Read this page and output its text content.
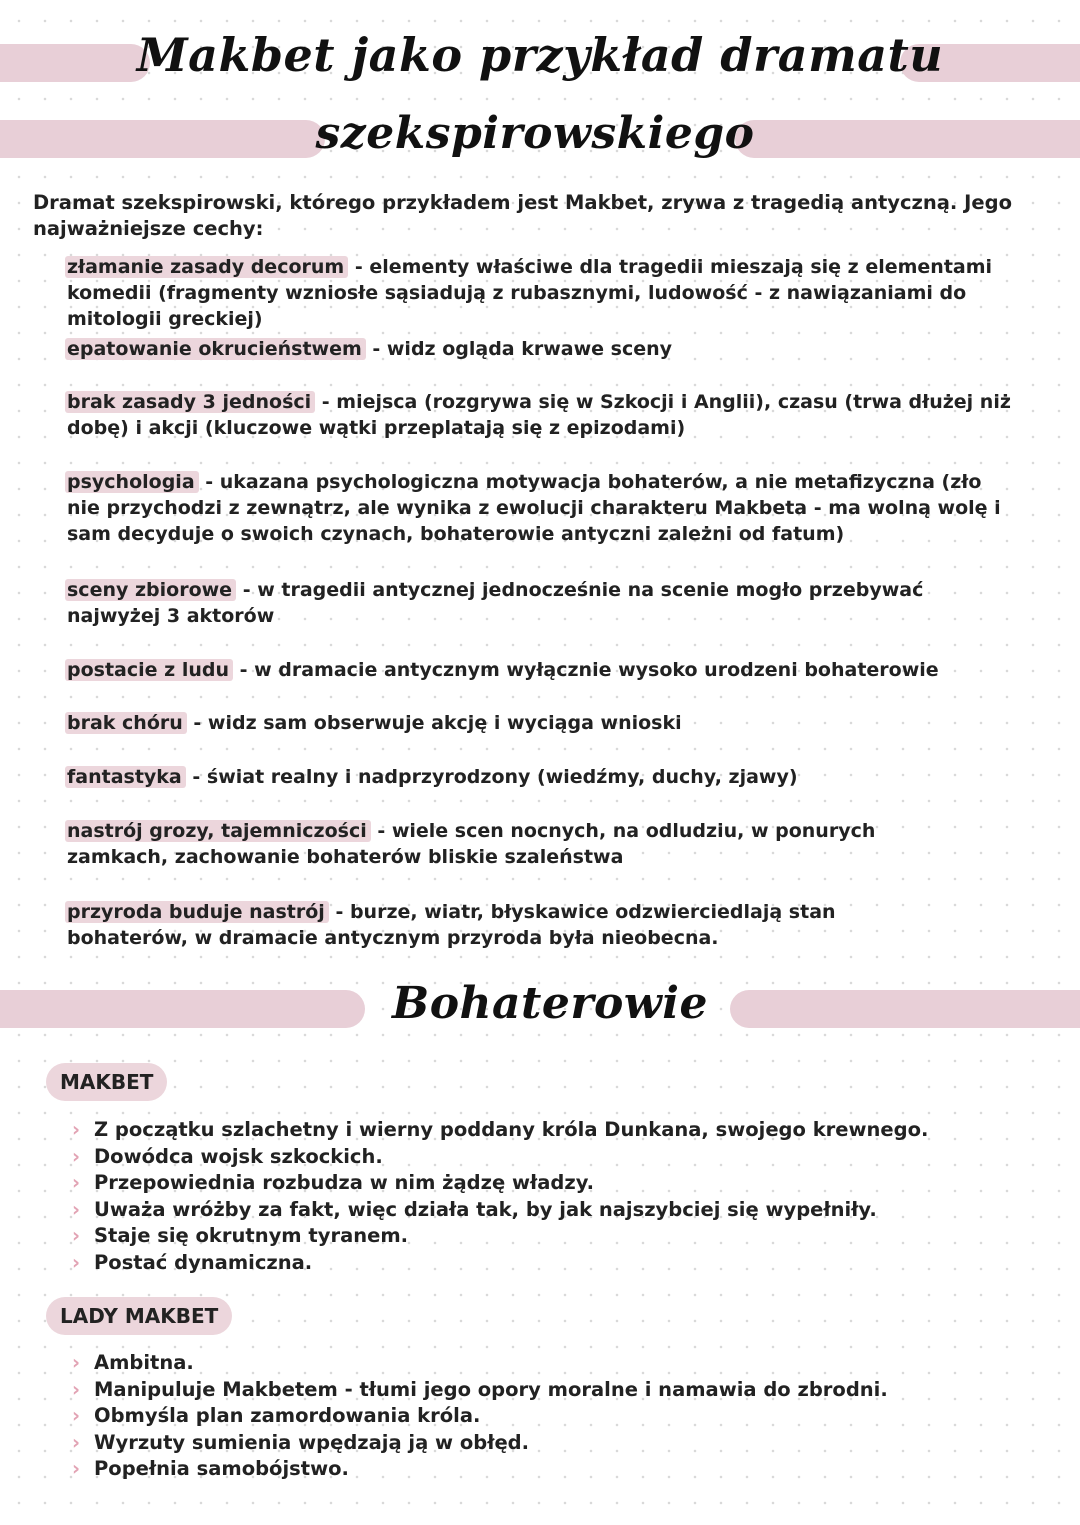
Makbet jako przykład dramatu
szekspirowskiego
Dramat szekspirowski, którego przykładem jest Makbet, zrywa z tragedią antyczną. Jego najważniejsze cechy:
złamanie zasady decorum - elementy właściwe dla tragedii mieszają się z elementami komedii (fragmenty wzniosłe sąsiadują z rubasznymi, ludowość - z nawiązaniami do mitologii greckiej)
epatowanie okrucieństwem - widz ogląda krwawe sceny
brak zasady 3 jedności - miejsca (rozgrywa się w Szkocji i Anglii), czasu (trwa dłużej niż dobę) i akcji (kluczowe wątki przeplatają się z epizodami)
psychologia - ukazana psychologiczna motywacja bohaterów, a nie metafizyczna (zło nie przychodzi z zewnątrz, ale wynika z ewolucji charakteru Makbeta - ma wolną wolę i sam decyduje o swoich czynach, bohaterowie antyczni zależni od fatum)
sceny zbiorowe - w tragedii antycznej jednocześnie na scenie mogło przebywać najwyżej 3 aktorów
postacie z ludu - w dramacie antycznym wyłącznie wysoko urodzeni bohaterowie
brak chóru - widz sam obserwuje akcję i wyciąga wnioski
fantastyka - świat realny i nadprzyrodzony (wiedźmy, duchy, zjawy)
nastrój grozy, tajemniczości - wiele scen nocnych, na odludziu, w ponurych zamkach, zachowanie bohaterów bliskie szaleństwa
przyroda buduje nastrój - burze, wiatr, błyskawice odzwierciedlają stan bohaterów, w dramacie antycznym przyroda była nieobecna.
Bohaterowie
MAKBET
› Z początku szlachetny i wierny poddany króla Dunkana, swojego krewnego.
› Dowódca wojsk szkockich.
› Przepowiednia rozbudza w nim żądzę władzy.
› Uważa wróżby za fakt, więc działa tak, by jak najszybciej się wypełniły.
› Staje się okrutnym tyranem.
› Postać dynamiczna.
LADY MAKBET
› Ambitna.
› Manipuluje Makbetem - tłumi jego opory moralne i namawia do zbrodni.
› Obmyśla plan zamordowania króla.
› Wyrzuty sumienia wpędzają ją w obłęd.
› Popełnia samobójstwo.
